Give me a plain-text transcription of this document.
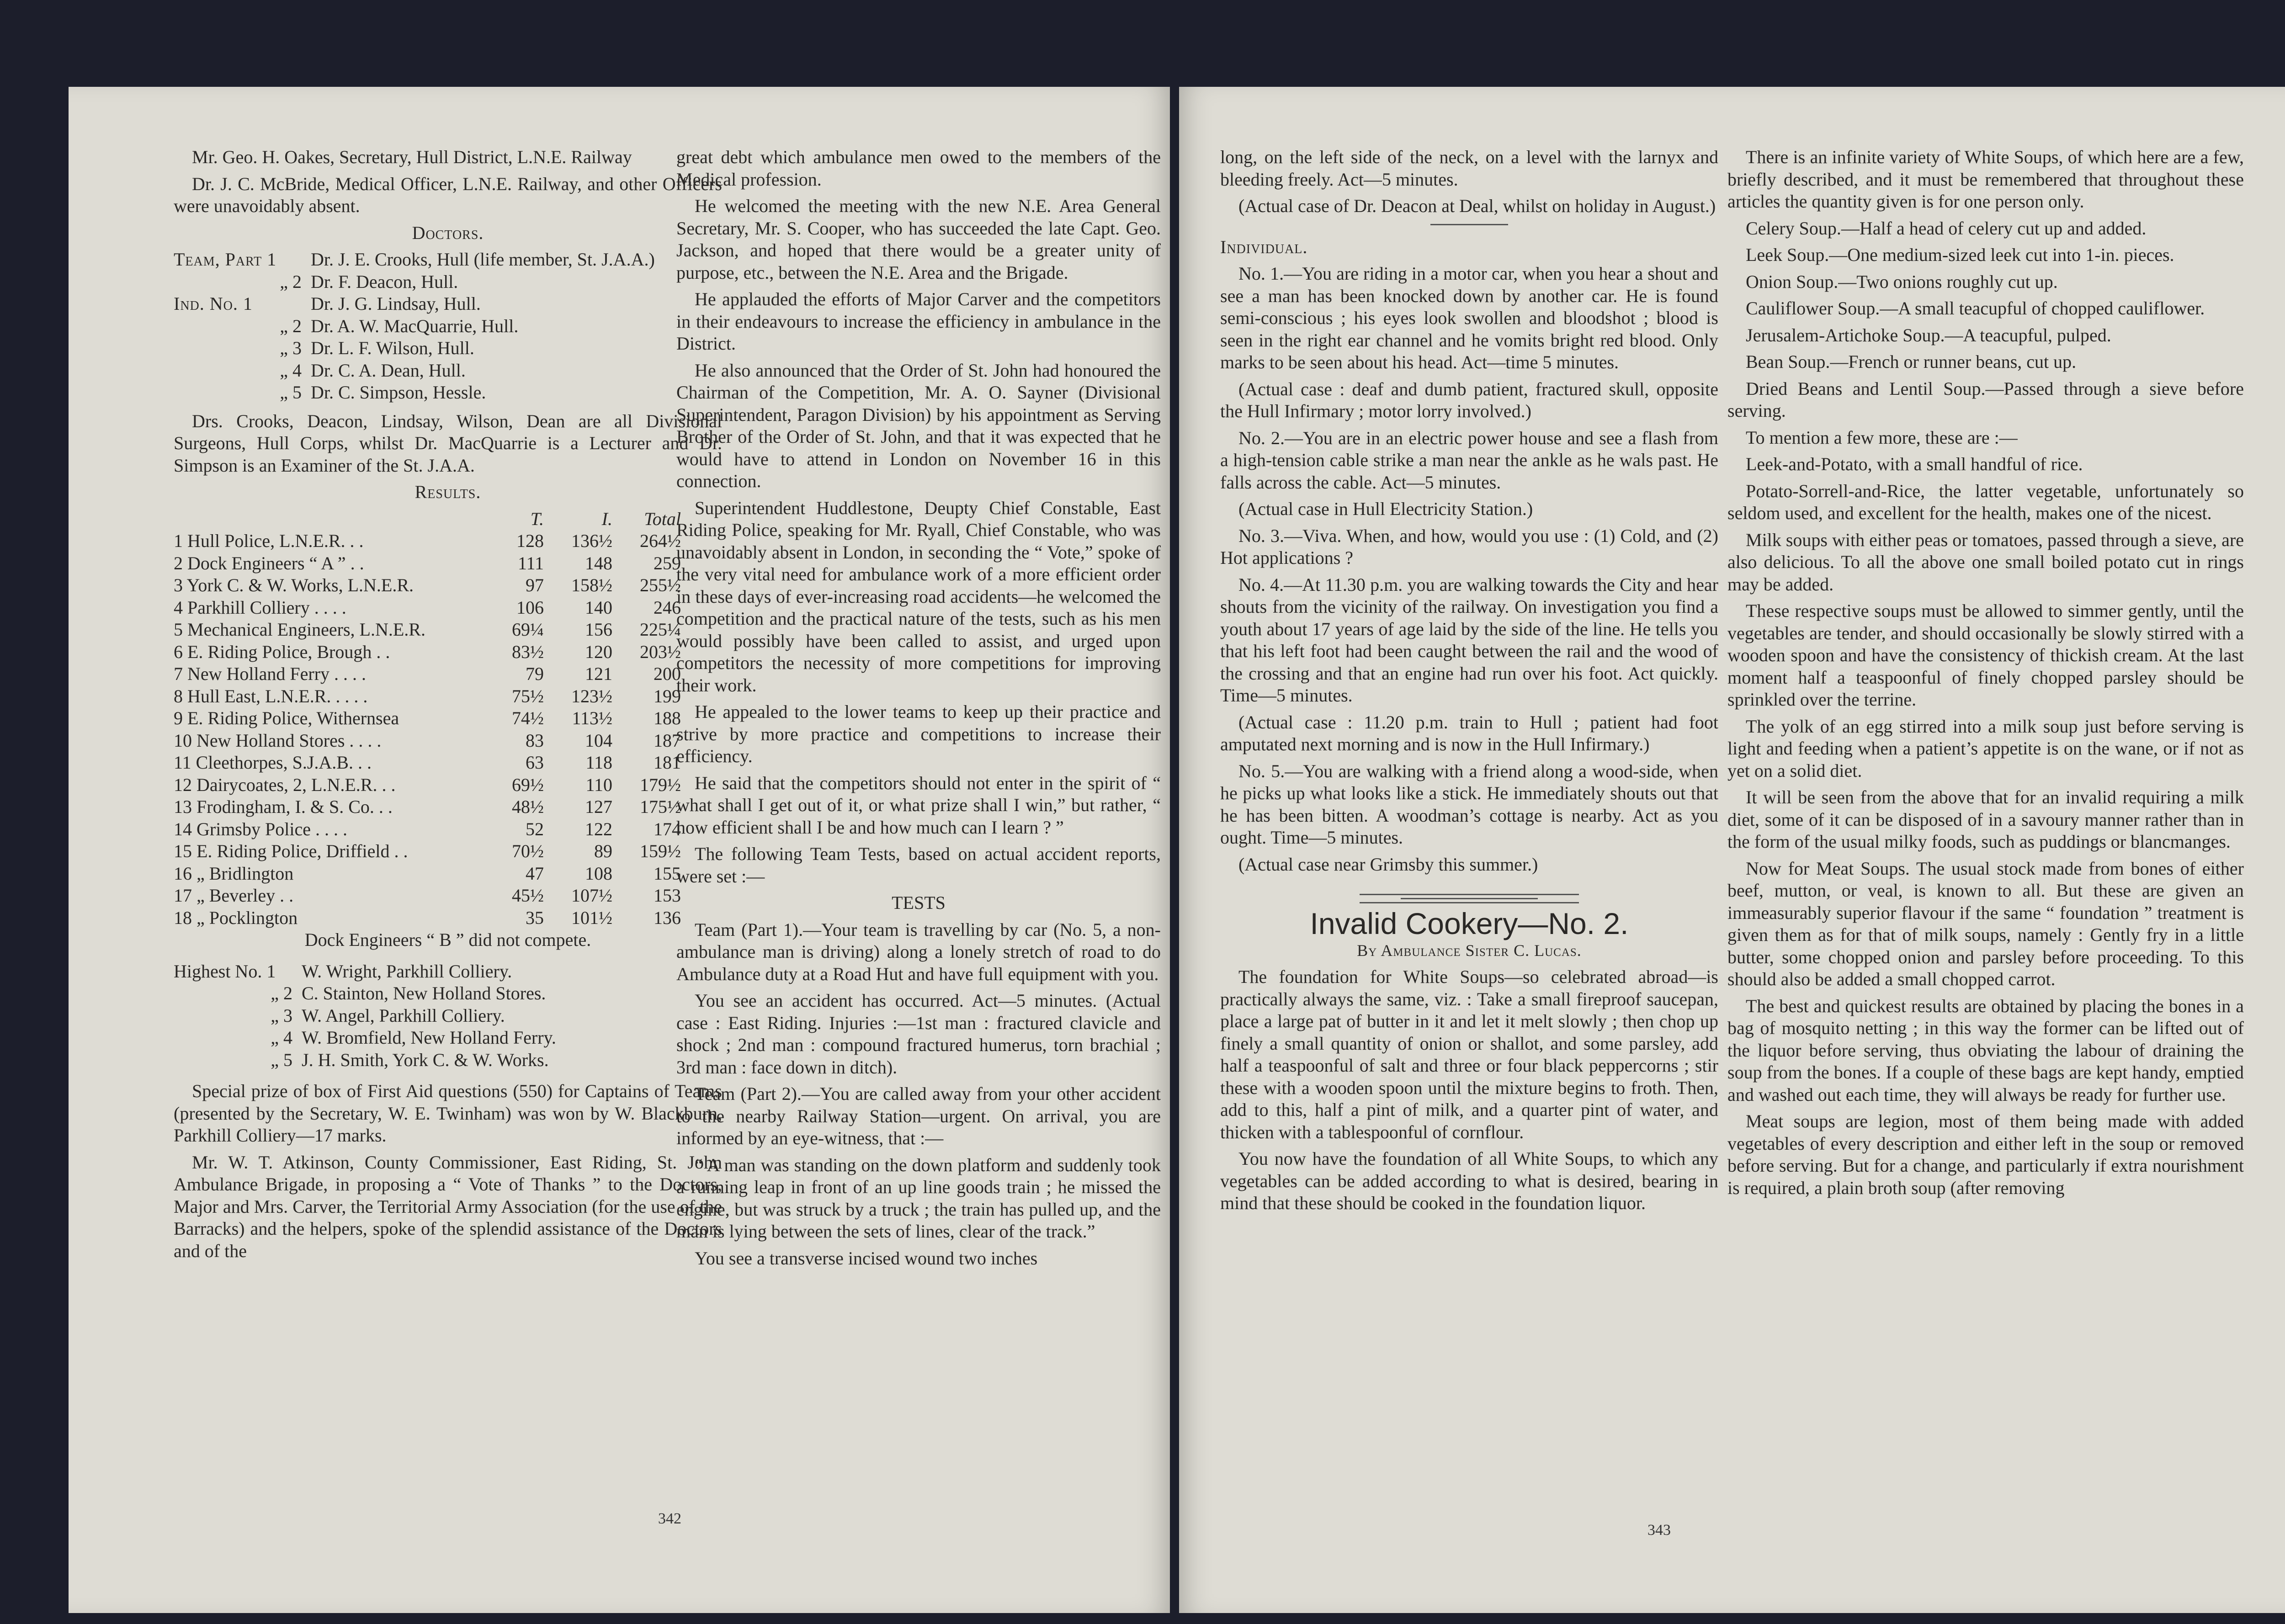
Mr. Geo. H. Oakes, Secretary, Hull District, L.N.E. Railway

Dr. J. C. McBride, Medical Officer, L.N.E. Railway, and other Officers were unavoidably absent.

Doctors.

Team, Part 1	Dr. J. E. Crooks, Hull (life member, St. J.A.A.)
„ 2 Dr. F. Deacon, Hull.
Ind. No. 1	Dr. J. G. Lindsay, Hull.
„ 2 Dr. A. W. MacQuarrie, Hull.
„ 3 Dr. L. F. Wilson, Hull.
„ 4 Dr. C. A. Dean, Hull.
„ 5 Dr. C. Simpson, Hessle.

Drs. Crooks, Deacon, Lindsay, Wilson, Dean are all Divisional Surgeons, Hull Corps, whilst Dr. MacQuarrie is a Lecturer and Dr. Simpson is an Examiner of the St. J.A.A.

Results.

T.	I.	Total
1 Hull Police, L.N.E.R. . .	128	136½	264½
2 Dock Engineers “ A ” . .	111	148	259
3 York C. & W. Works, L.N.E.R.	97	158½	255½
4 Parkhill Colliery . . . .	106	140	246
5 Mechanical Engineers, L.N.E.R.	69¼	156	225¼
6 E. Riding Police, Brough . .	83½	120	203½
7 New Holland Ferry . . . .	79	121	200
8 Hull East, L.N.E.R. . . . .	75½	123½	199
9 E. Riding Police, Withernsea	74½	113½	188
10 New Holland Stores . . . .	83	104	187
11 Cleethorpes, S.J.A.B. . .	63	118	181
12 Dairycoates, 2, L.N.E.R. . .	69½	110	179½
13 Frodingham, I. & S. Co. . .	48½	127	175½
14 Grimsby Police . . . .	52	122	174
15 E. Riding Police, Driffield . .	70½	89	159½
16 „ Bridlington	47	108	155
17 „ Beverley . .	45½	107½	153
18 „ Pocklington	35	101½	136

Dock Engineers “ B ” did not compete.

Highest No. 1	W. Wright, Parkhill Colliery.
„ 2 C. Stainton, New Holland Stores.
„ 3 W. Angel, Parkhill Colliery.
„ 4 W. Bromfield, New Holland Ferry.
„ 5 J. H. Smith, York C. & W. Works.

Special prize of box of First Aid questions (550) for Captains of Teams (presented by the Secretary, W. E. Twinham) was won by W. Blackburn, Parkhill Colliery—17 marks.

Mr. W. T. Atkinson, County Commissioner, East Riding, St. John Ambulance Brigade, in proposing a “ Vote of Thanks ” to the Doctors, Major and Mrs. Carver, the Territorial Army Association (for the use of the Barracks) and the helpers, spoke of the splendid assistance of the Doctors and of the

great debt which ambulance men owed to the members of the Medical profession.

He welcomed the meeting with the new N.E. Area General Secretary, Mr. S. Cooper, who has succeeded the late Capt. Geo. Jackson, and hoped that there would be a greater unity of purpose, etc., between the N.E. Area and the Brigade.

He applauded the efforts of Major Carver and the competitors in their endeavours to increase the efficiency in ambulance in the District.

He also announced that the Order of St. John had honoured the Chairman of the Competition, Mr. A. O. Sayner (Divisional Superintendent, Paragon Division) by his appointment as Serving Brother of the Order of St. John, and that it was expected that he would have to attend in London on November 16 in this connection.

Superintendent Huddlestone, Deupty Chief Constable, East Riding Police, speaking for Mr. Ryall, Chief Constable, who was unavoidably absent in London, in seconding the “ Vote,” spoke of the very vital need for ambulance work of a more efficient order in these days of ever-increasing road accidents—he welcomed the competition and the practical nature of the tests, such as his men would possibly have been called to assist, and urged upon competitors the necessity of more competitions for improving their work.

He appealed to the lower teams to keep up their practice and strive by more practice and competitions to increase their efficiency.

He said that the competitors should not enter in the spirit of “ what shall I get out of it, or what prize shall I win,” but rather, “ how efficient shall I be and how much can I learn ? ”

The following Team Tests, based on actual accident reports, were set :—

TESTS

Team (Part 1).—Your team is travelling by car (No. 5, a non-ambulance man is driving) along a lonely stretch of road to do Ambulance duty at a Road Hut and have full equipment with you.

You see an accident has occurred. Act—5 minutes. (Actual case : East Riding. Injuries :—1st man : fractured clavicle and shock ; 2nd man : compound fractured humerus, torn brachial ; 3rd man : face down in ditch).

Team (Part 2).—You are called away from your other accident to the nearby Railway Station—urgent. On arrival, you are informed by an eye-witness, that :—

“ A man was standing on the down platform and suddenly took a running leap in front of an up line goods train ; he missed the engine, but was struck by a truck ; the train has pulled up, and the man is lying between the sets of lines, clear of the track.”

You see a transverse incised wound two inches

342

long, on the left side of the neck, on a level with the larnyx and bleeding freely. Act—5 minutes.

(Actual case of Dr. Deacon at Deal, whilst on holiday in August.)

Individual.

No. 1.—You are riding in a motor car, when you hear a shout and see a man has been knocked down by another car. He is found semi-conscious ; his eyes look swollen and bloodshot ; blood is seen in the right ear channel and he vomits bright red blood. Only marks to be seen about his head. Act—time 5 minutes.

(Actual case : deaf and dumb patient, fractured skull, opposite the Hull Infirmary ; motor lorry involved.)

No. 2.—You are in an electric power house and see a flash from a high-tension cable strike a man near the ankle as he wals past. He falls across the cable. Act—5 minutes.

(Actual case in Hull Electricity Station.)

No. 3.—Viva. When, and how, would you use : (1) Cold, and (2) Hot applications ?

No. 4.—At 11.30 p.m. you are walking towards the City and hear shouts from the vicinity of the railway. On investigation you find a youth about 17 years of age laid by the side of the line. He tells you that his left foot had been caught between the rail and the wood of the crossing and that an engine had run over his foot. Act quickly. Time—5 minutes.

(Actual case : 11.20 p.m. train to Hull ; patient had foot amputated next morning and is now in the Hull Infirmary.)

No. 5.—You are walking with a friend along a wood-side, when he picks up what looks like a stick. He immediately shouts out that he has been bitten. A woodman’s cottage is nearby. Act as you ought. Time—5 minutes.

(Actual case near Grimsby this summer.)

Invalid Cookery—No. 2.

By Ambulance Sister C. Lucas.

The foundation for White Soups—so celebrated abroad—is practically always the same, viz. : Take a small fireproof saucepan, place a large pat of butter in it and let it melt slowly ; then chop up finely a small quantity of onion or shallot, and some parsley, add half a teaspoonful of salt and three or four black peppercorns ; stir these with a wooden spoon until the mixture begins to froth. Then, add to this, half a pint of milk, and a quarter pint of water, and thicken with a tablespoonful of cornflour.

You now have the foundation of all White Soups, to which any vegetables can be added according to what is desired, bearing in mind that these should be cooked in the foundation liquor.

There is an infinite variety of White Soups, of which here are a few, briefly described, and it must be remembered that throughout these articles the quantity given is for one person only.

Celery Soup.—Half a head of celery cut up and added.

Leek Soup.—One medium-sized leek cut into 1-in. pieces.

Onion Soup.—Two onions roughly cut up.

Cauliflower Soup.—A small teacupful of chopped cauliflower.

Jerusalem-Artichoke Soup.—A teacupful, pulped.

Bean Soup.—French or runner beans, cut up.

Dried Beans and Lentil Soup.—Passed through a sieve before serving.

To mention a few more, these are :—

Leek-and-Potato, with a small handful of rice.

Potato-Sorrell-and-Rice, the latter vegetable, unfortunately so seldom used, and excellent for the health, makes one of the nicest.

Milk soups with either peas or tomatoes, passed through a sieve, are also delicious. To all the above one small boiled potato cut in rings may be added.

These respective soups must be allowed to simmer gently, until the vegetables are tender, and should occasionally be slowly stirred with a wooden spoon and have the consistency of thickish cream. At the last moment half a teaspoonful of finely chopped parsley should be sprinkled over the terrine.

The yolk of an egg stirred into a milk soup just before serving is light and feeding when a patient’s appetite is on the wane, or if not as yet on a solid diet.

It will be seen from the above that for an invalid requiring a milk diet, some of it can be disposed of in a savoury manner rather than in the form of the usual milky foods, such as puddings or blancmanges.

Now for Meat Soups. The usual stock made from bones of either beef, mutton, or veal, is known to all. But these are given an immeasurably superior flavour if the same “ foundation ” treatment is given them as for that of milk soups, namely : Gently fry in a little butter, some chopped onion and parsley before proceeding. To this should also be added a small chopped carrot.

The best and quickest results are obtained by placing the bones in a bag of mosquito netting ; in this way the former can be lifted out of the liquor before serving, thus obviating the labour of draining the soup from the bones. If a couple of these bags are kept handy, emptied and washed out each time, they will always be ready for further use.

Meat soups are legion, most of them being made with added vegetables of every description and either left in the soup or removed before serving. But for a change, and particularly if extra nourishment is required, a plain broth soup (after removing

343
